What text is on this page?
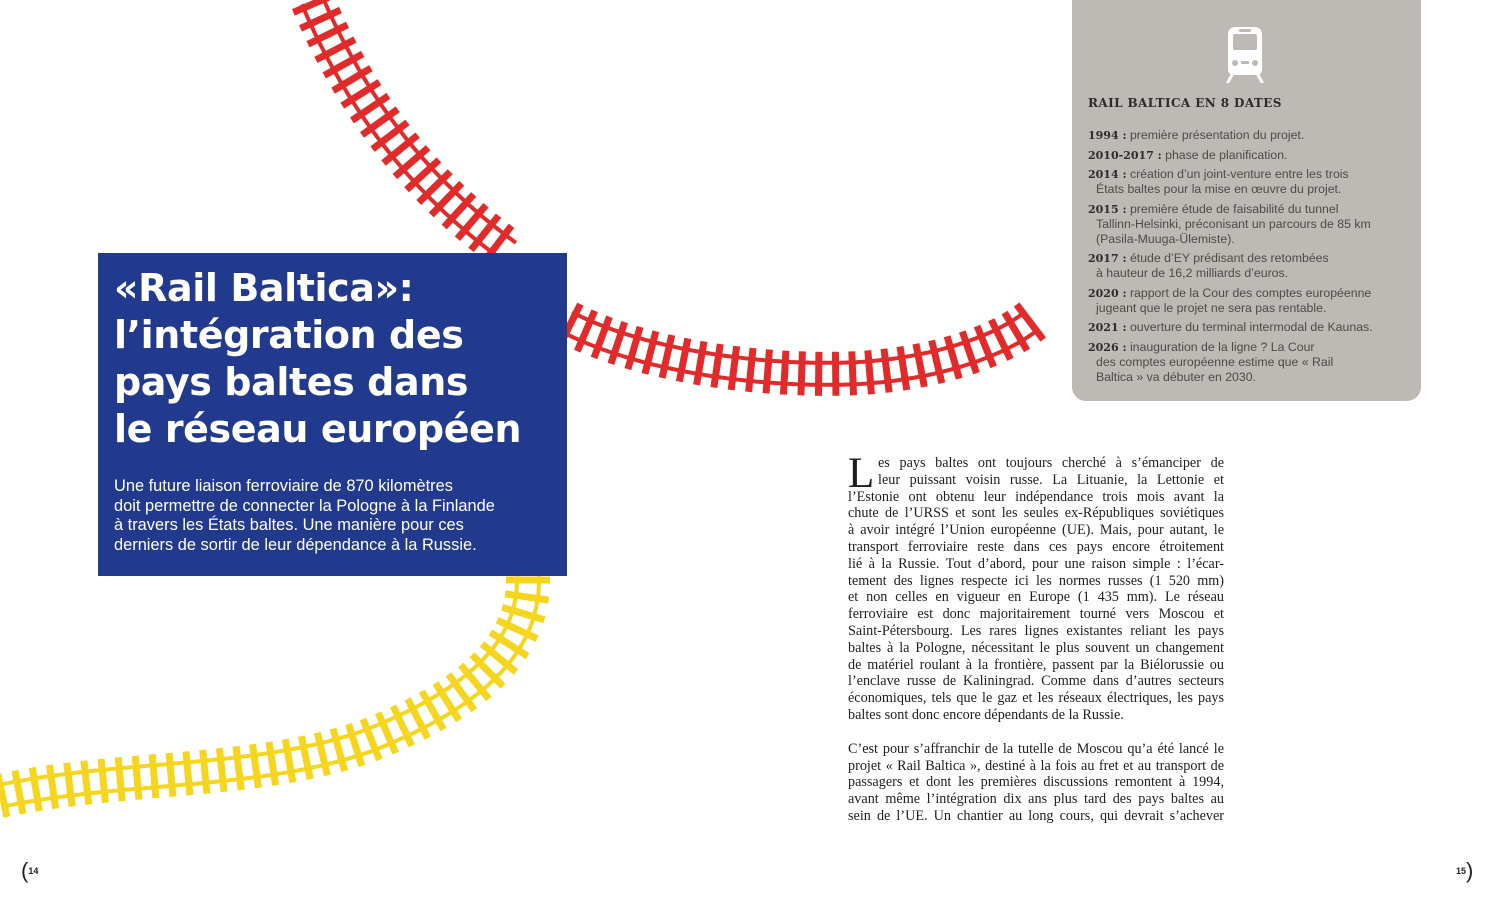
«Rail Baltica»:
l’intégration des
pays baltes dans
le réseau européen

Une future liaison ferroviaire de 870 kilomètres
doit permettre de connecter la Pologne à la Finlande
à travers les États baltes. Une manière pour ces
derniers de sortir de leur dépendance à la Russie.

RAIL BALTICA EN 8 DATES
1994 : première présentation du projet.
2010-2017 : phase de planification.
2014 : création d’un joint-venture entre les trois
États baltes pour la mise en œuvre du projet.
2015 : première étude de faisabilité du tunnel
Tallinn-Helsinki, préconisant un parcours de 85 km
(Pasila-Muuga-Ülemiste).
2017 : étude d’EY prédisant des retombées
à hauteur de 16,2 milliards d’euros.
2020 : rapport de la Cour des comptes européenne
jugeant que le projet ne sera pas rentable.
2021 : ouverture du terminal intermodal de Kaunas.
2026 : inauguration de la ligne ? La Cour
des comptes européenne estime que « Rail
Baltica » va débuter en 2030.
L es pays baltes ont toujours cherché à s’émanciper de
leur puissant voisin russe. La Lituanie, la Lettonie et
l’Estonie ont obtenu leur indépendance trois mois avant la
chute de l’URSS et sont les seules ex-Républiques soviétiques
à avoir intégré l’Union européenne (UE). Mais, pour autant, le
transport ferroviaire reste dans ces pays encore étroitement
lié à la Russie. Tout d’abord, pour une raison simple : l’écar-
tement des lignes respecte ici les normes russes (1 520 mm)
et non celles en vigueur en Europe (1 435 mm). Le réseau
ferroviaire est donc majoritairement tourné vers Moscou et
Saint-Pétersbourg. Les rares lignes existantes reliant les pays
baltes à la Pologne, nécessitant le plus souvent un changement
de matériel roulant à la frontière, passent par la Biélorussie ou
l’enclave russe de Kaliningrad. Comme dans d’autres secteurs
économiques, tels que le gaz et les réseaux électriques, les pays
baltes sont donc encore dépendants de la Russie.
C’est pour s’affranchir de la tutelle de Moscou qu’a été lancé le
projet « Rail Baltica », destiné à la fois au fret et au transport de
passagers et dont les premières discussions remontent à 1994,
avant même l’intégration dix ans plus tard des pays baltes au
sein de l’UE. Un chantier au long cours, qui devrait s’achever
(14	15)
